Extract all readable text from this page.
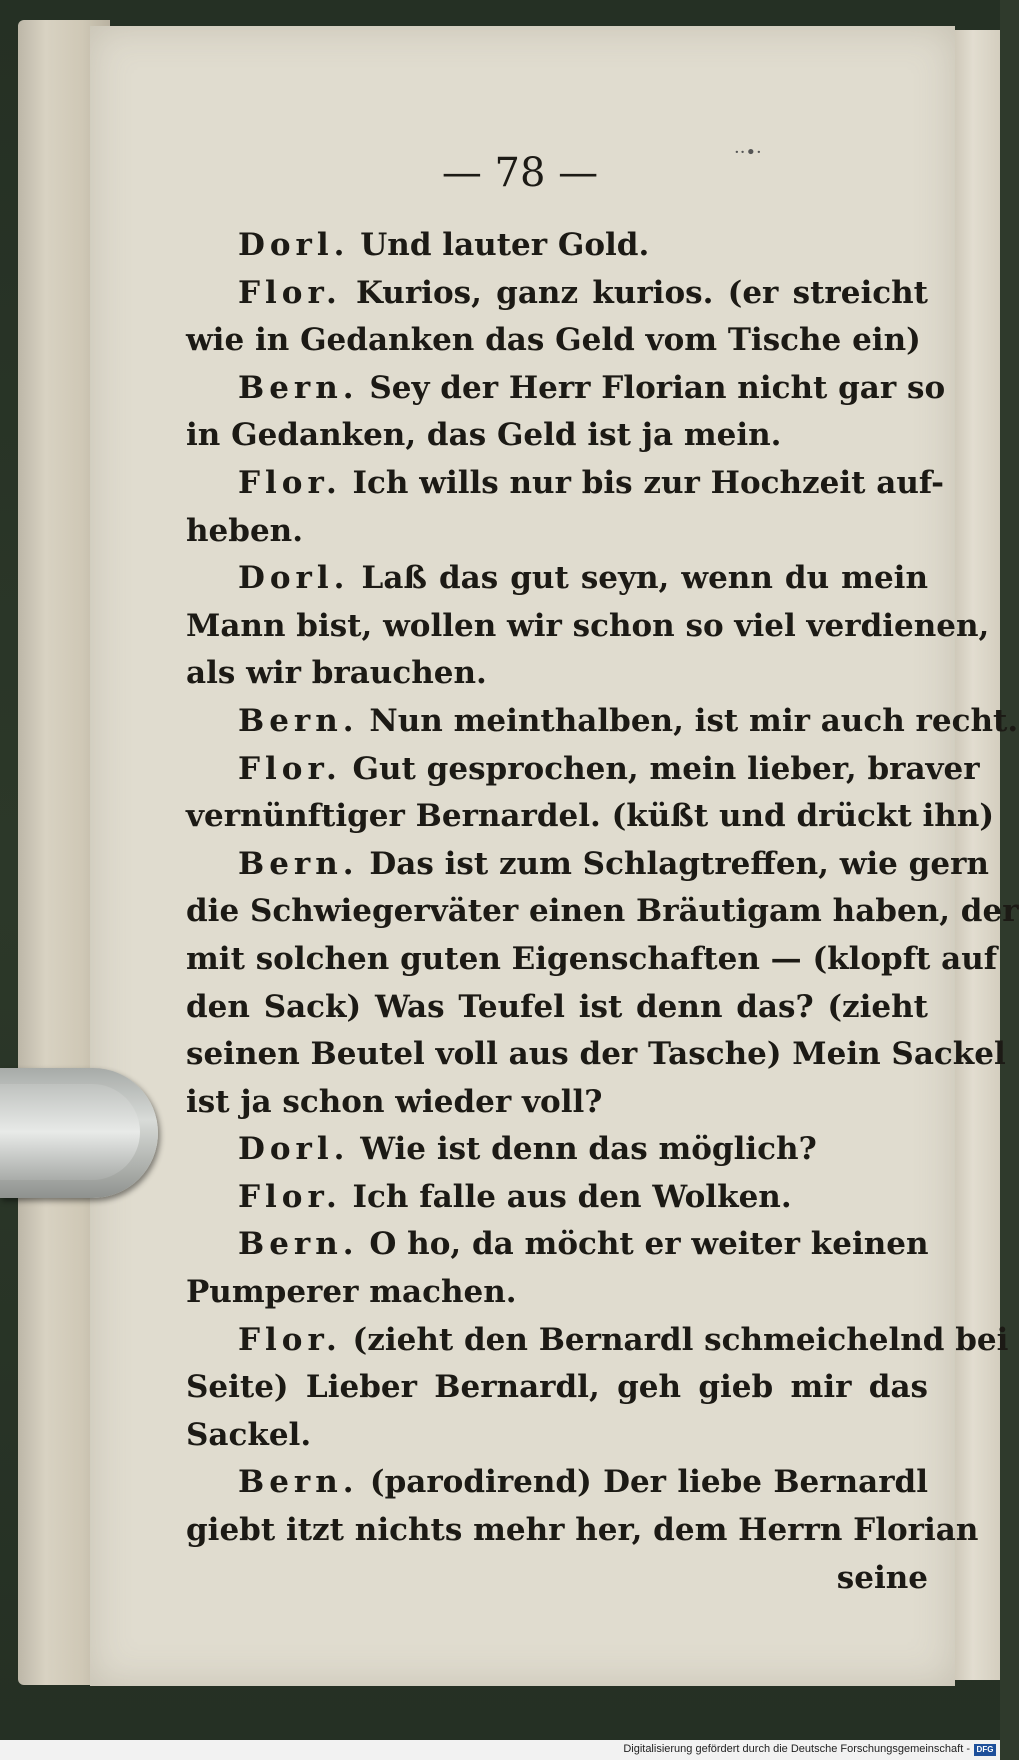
— 78 —	··•·
Dorl. Und lauter Gold.
Flor. Kurios, ganz kurios. (er streicht
wie in Gedanken das Geld vom Tische ein)
Bern. Sey der Herr Florian nicht gar so
in Gedanken, das Geld ist ja mein.
Flor. Ich wills nur bis zur Hochzeit auf-
heben.
Dorl. Laß das gut seyn, wenn du mein
Mann bist, wollen wir schon so viel verdienen,
als wir brauchen.
Bern. Nun meinthalben, ist mir auch recht.
Flor. Gut gesprochen, mein lieber, braver
vernünftiger Bernardel. (küßt und drückt ihn)
Bern. Das ist zum Schlagtreffen, wie gern
die Schwiegerväter einen Bräutigam haben, der
mit solchen guten Eigenschaften — (klopft auf
den Sack) Was Teufel ist denn das? (zieht
seinen Beutel voll aus der Tasche) Mein Sackel
ist ja schon wieder voll?
Dorl. Wie ist denn das möglich?
Flor. Ich falle aus den Wolken.
Bern. O ho, da möcht er weiter keinen
Pumperer machen.
Flor. (zieht den Bernardl schmeichelnd bei
Seite) Lieber Bernardl, geh gieb mir das
Sackel.
Bern. (parodirend) Der liebe Bernardl
giebt itzt nichts mehr her, dem Herrn Florian
seine
Digitalisierung gefördert durch die Deutsche Forschungsgemeinschaft - DFG
